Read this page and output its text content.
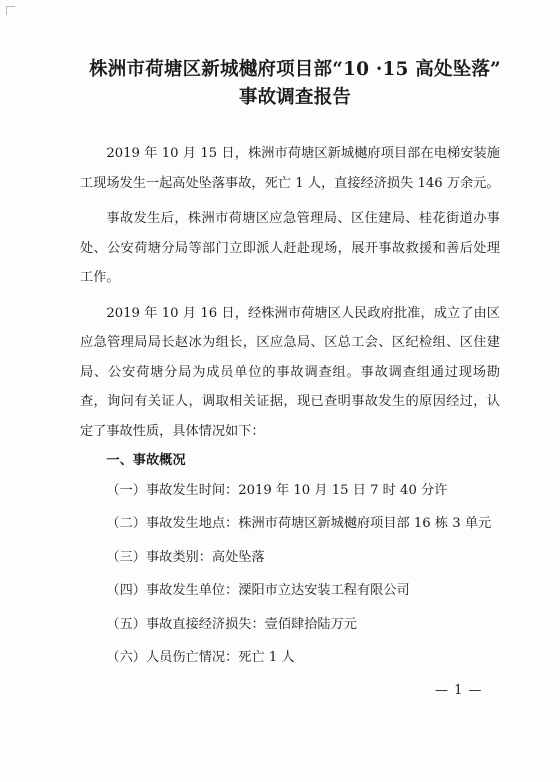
株洲市荷塘区新城樾府项目部“10 ·15 高处坠落”
事故调查报告

2019 年 10 月 15 日，株洲市荷塘区新城樾府项目部在电梯安装施工现场发生一起高处坠落事故，死亡 1 人，直接经济损失 146 万余元。

事故发生后，株洲市荷塘区应急管理局、区住建局、桂花街道办事处、公安荷塘分局等部门立即派人赶赴现场，展开事故救援和善后处理工作。

2019 年 10 月 16 日，经株洲市荷塘区人民政府批准，成立了由区应急管理局局长赵冰为组长，区应急局、区总工会、区纪检组、区住建局、公安荷塘分局为成员单位的事故调查组。事故调查组通过现场勘查，询问有关证人，调取相关证据，现已查明事故发生的原因经过，认定了事故性质，具体情况如下：

一、事故概况

（一）事故发生时间：2019 年 10 月 15 日 7 时 40 分许

（二）事故发生地点：株洲市荷塘区新城樾府项目部 16 栋 3 单元

（三）事故类别：高处坠落

（四）事故发生单位：溧阳市立达安装工程有限公司

（五）事故直接经济损失：壹佰肆拾陆万元

（六）人员伤亡情况：死亡 1 人

— 1 —
